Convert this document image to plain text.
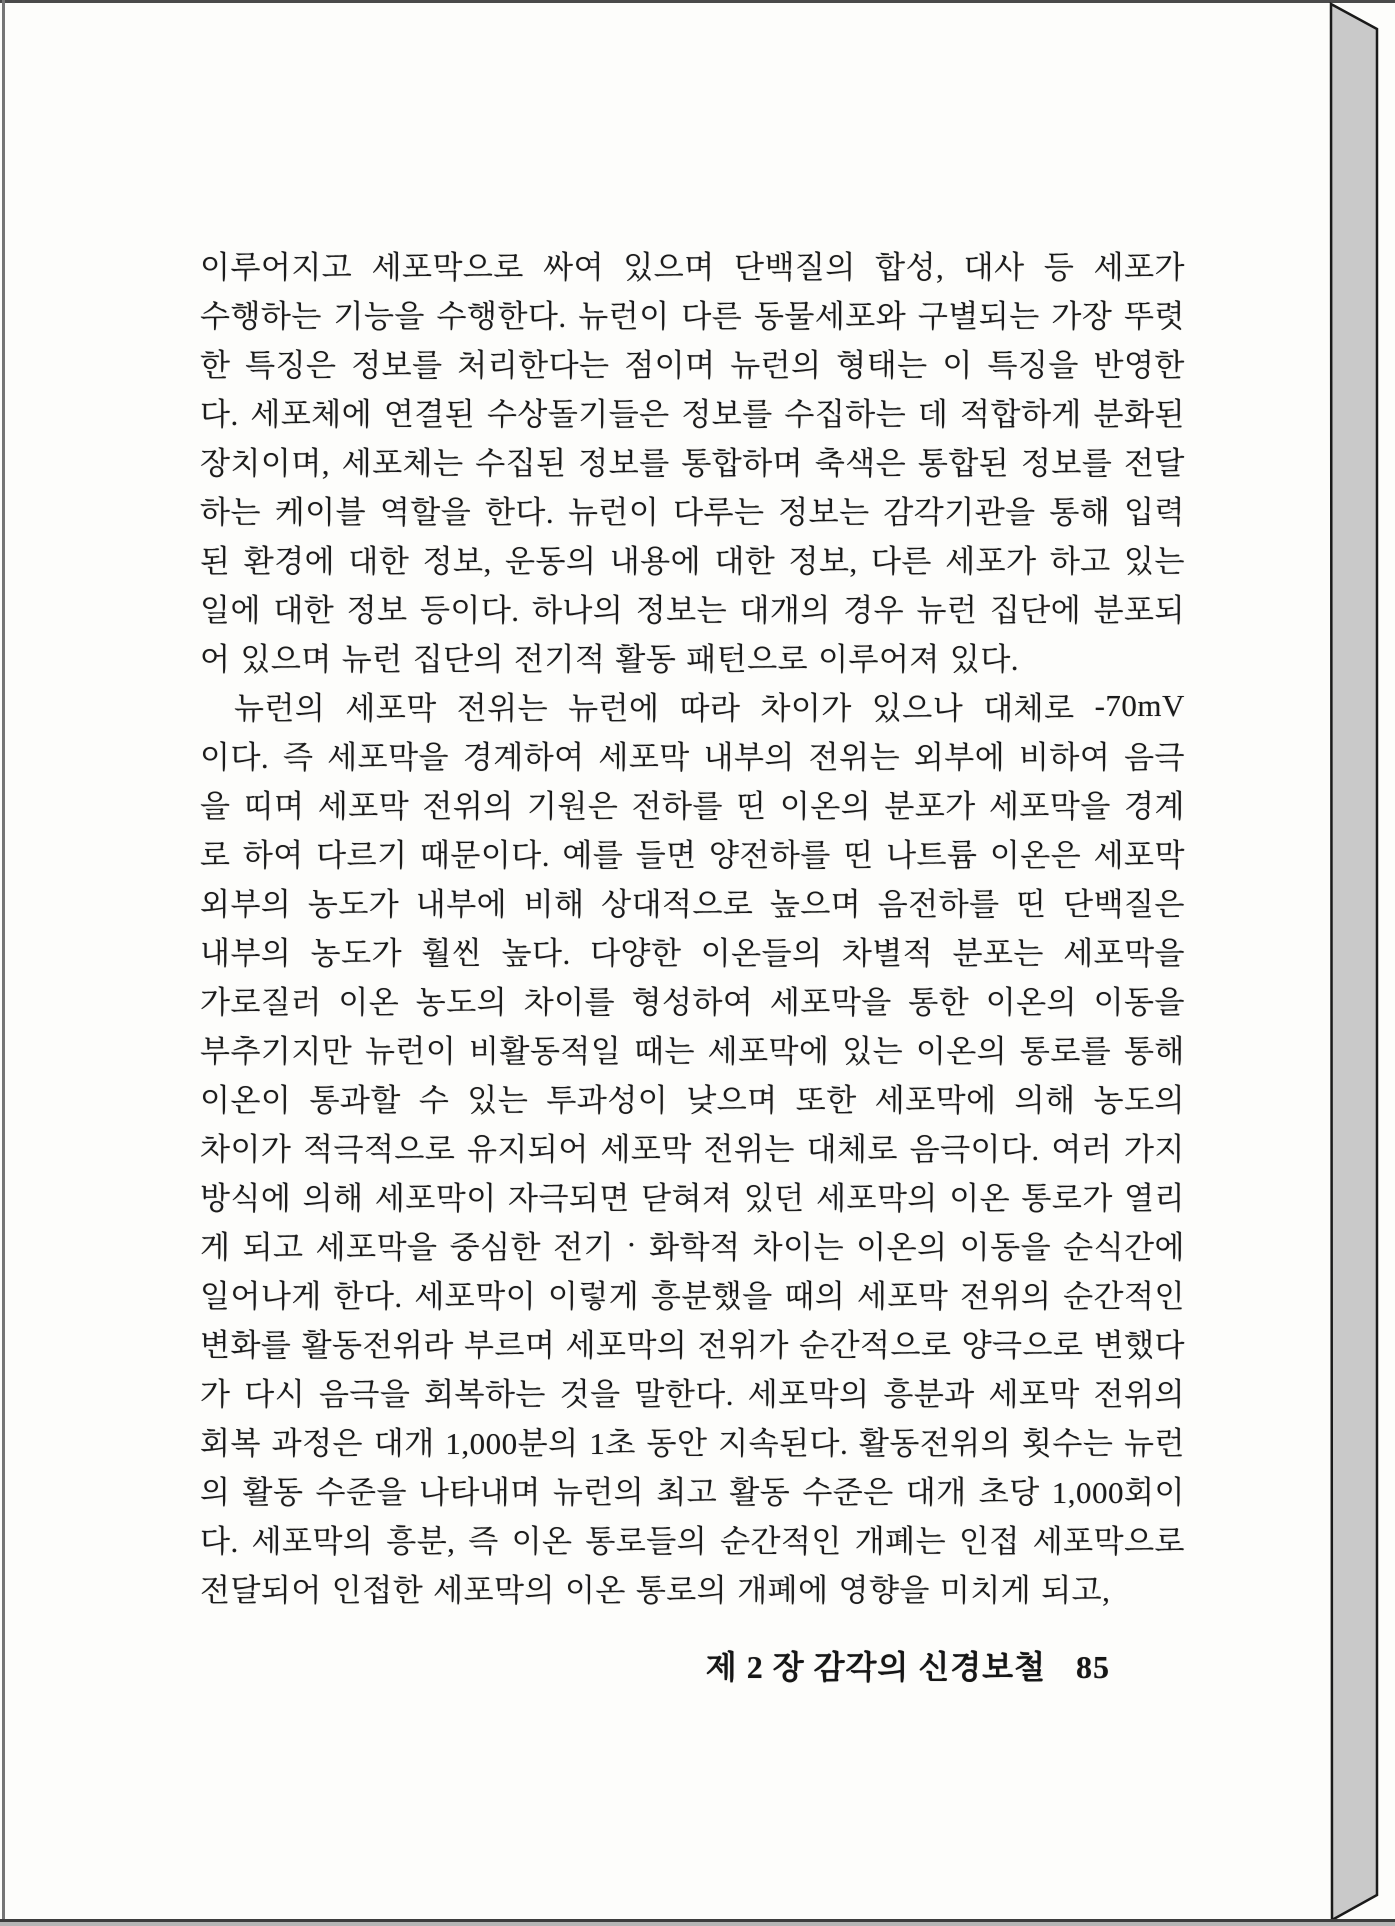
이루어지고 세포막으로 싸여 있으며 단백질의 합성, 대사 등 세포가
수행하는 기능을 수행한다. 뉴런이 다른 동물세포와 구별되는 가장 뚜렷
한 특징은 정보를 처리한다는 점이며 뉴런의 형태는 이 특징을 반영한
다. 세포체에 연결된 수상돌기들은 정보를 수집하는 데 적합하게 분화된
장치이며, 세포체는 수집된 정보를 통합하며 축색은 통합된 정보를 전달
하는 케이블 역할을 한다. 뉴런이 다루는 정보는 감각기관을 통해 입력
된 환경에 대한 정보, 운동의 내용에 대한 정보, 다른 세포가 하고 있는
일에 대한 정보 등이다. 하나의 정보는 대개의 경우 뉴런 집단에 분포되
어 있으며 뉴런 집단의 전기적 활동 패턴으로 이루어져 있다.
뉴런의 세포막 전위는 뉴런에 따라 차이가 있으나 대체로 -70mV
이다. 즉 세포막을 경계하여 세포막 내부의 전위는 외부에 비하여 음극
을 띠며 세포막 전위의 기원은 전하를 띤 이온의 분포가 세포막을 경계
로 하여 다르기 때문이다. 예를 들면 양전하를 띤 나트륨 이온은 세포막
외부의 농도가 내부에 비해 상대적으로 높으며 음전하를 띤 단백질은
내부의 농도가 훨씬 높다. 다양한 이온들의 차별적 분포는 세포막을
가로질러 이온 농도의 차이를 형성하여 세포막을 통한 이온의 이동을
부추기지만 뉴런이 비활동적일 때는 세포막에 있는 이온의 통로를 통해
이온이 통과할 수 있는 투과성이 낮으며 또한 세포막에 의해 농도의
차이가 적극적으로 유지되어 세포막 전위는 대체로 음극이다. 여러 가지
방식에 의해 세포막이 자극되면 닫혀져 있던 세포막의 이온 통로가 열리
게 되고 세포막을 중심한 전기 · 화학적 차이는 이온의 이동을 순식간에
일어나게 한다. 세포막이 이렇게 흥분했을 때의 세포막 전위의 순간적인
변화를 활동전위라 부르며 세포막의 전위가 순간적으로 양극으로 변했다
가 다시 음극을 회복하는 것을 말한다. 세포막의 흥분과 세포막 전위의
회복 과정은 대개 1,000분의 1초 동안 지속된다. 활동전위의 횟수는 뉴런
의 활동 수준을 나타내며 뉴런의 최고 활동 수준은 대개 초당 1,000회이
다. 세포막의 흥분, 즉 이온 통로들의 순간적인 개폐는 인접 세포막으로
전달되어 인접한 세포막의 이온 통로의 개폐에 영향을 미치게 되고,
제 2 장 감각의 신경보철 85
